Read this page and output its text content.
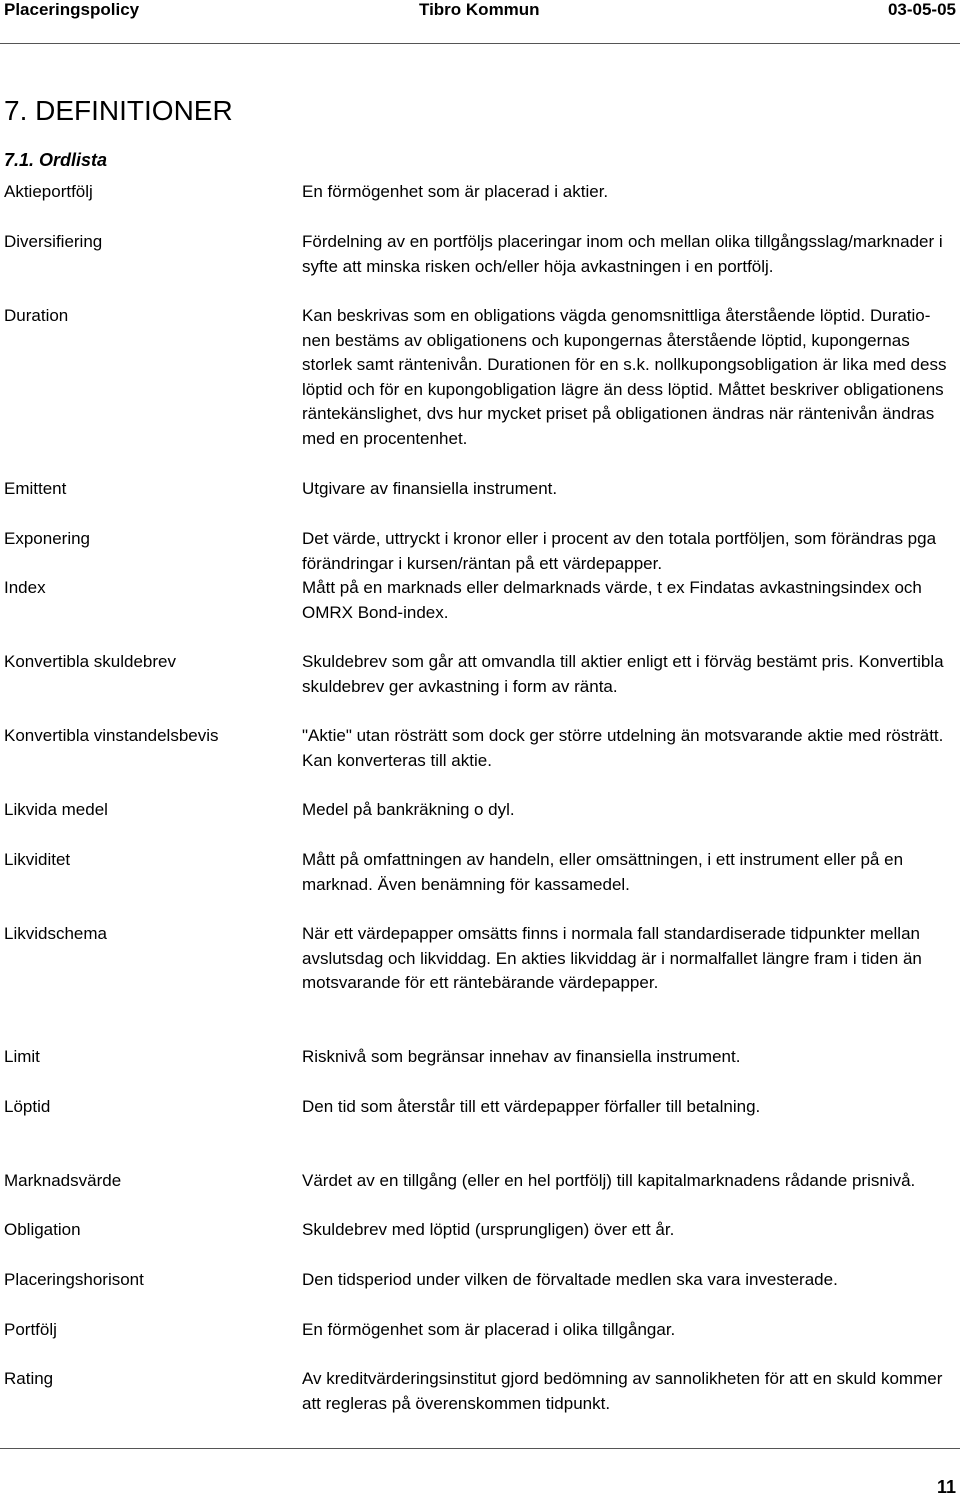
Placeringspolicy	Tibro Kommun	03-05-05
7. DEFINITIONER
7.1. Ordlista
Aktieportfölj	En förmögenhet som är placerad i aktier.
Diversifiering	Fördelning av en portföljs placeringar inom och mellan olika tillgångsslag/marknader i syfte att minska risken och/eller höja avkastningen i en portfölj.
Duration	Kan beskrivas som en obligations vägda genomsnittliga återstående löptid. Duratio-nen bestäms av obligationens och kupongernas återstående löptid, kupongernas storlek samt räntenivån. Durationen för en s.k. nollkupongsobligation är lika med dess löptid och för en kupongobligation lägre än dess löptid. Måttet beskriver obligationens räntekänslighet, dvs hur mycket priset på obligationen ändras när räntenivån ändras med en procentenhet.
Emittent	Utgivare av finansiella instrument.
Exponering	Det värde, uttryckt i kronor eller i procent av den totala portföljen, som förändras pga förändringar i kursen/räntan på ett värdepapper.
Index	Mått på en marknads eller delmarknads värde, t ex Findatas avkastningsindex och OMRX Bond-index.
Konvertibla skuldebrev	Skuldebrev som går att omvandla till aktier enligt ett i förväg bestämt pris. Konvertibla skuldebrev ger avkastning i form av ränta.
Konvertibla vinstandelsbevis	"Aktie" utan rösträtt som dock ger större utdelning än motsvarande aktie med rösträtt. Kan konverteras till aktie.
Likvida medel	Medel på bankräkning o dyl.
Likviditet	Mått på omfattningen av handeln, eller omsättningen, i ett instrument eller på en marknad. Även benämning för kassamedel.
Likvidschema	När ett värdepapper omsätts finns i normala fall standardiserade tidpunkter mellan avslutsdag och likviddag. En akties likviddag är i normalfallet längre fram i tiden än motsvarande för ett räntebärande värdepapper.
Limit	Risknivå som begränsar innehav av finansiella instrument.
Löptid	Den tid som återstår till ett värdepapper förfaller till betalning.
Marknadsvärde	Värdet av en tillgång (eller en hel portfölj) till kapitalmarknadens rådande prisnivå.
Obligation	Skuldebrev med löptid (ursprungligen) över ett år.
Placeringshorisont	Den tidsperiod under vilken de förvaltade medlen ska vara investerade.
Portfölj	En förmögenhet som är placerad i olika tillgångar.
Rating	Av kreditvärderingsinstitut gjord bedömning av sannolikheten för att en skuld kommer att regleras på överenskommen tidpunkt.
11
